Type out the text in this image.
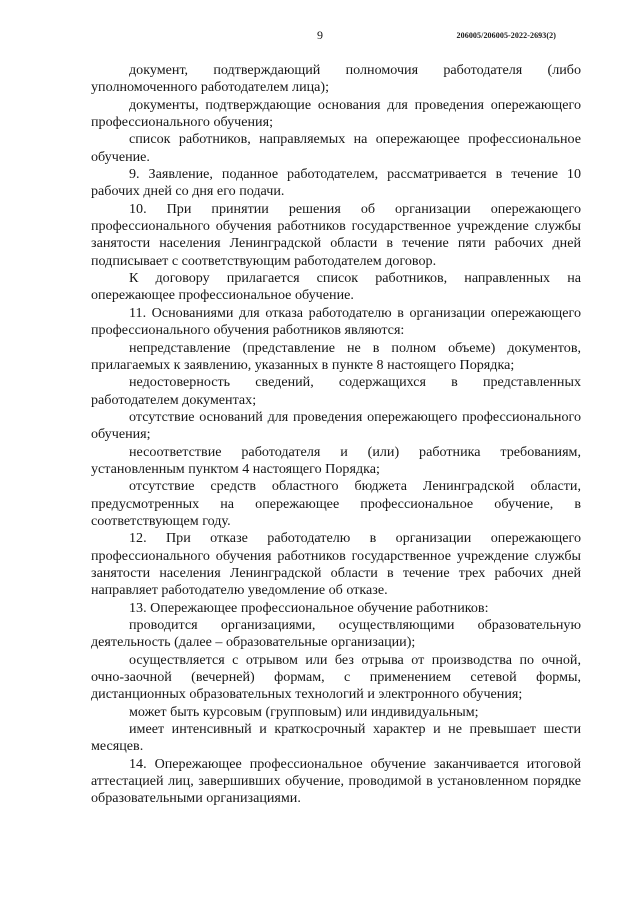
9	206005/206005-2022-2693(2)

документ, подтверждающий полномочия работодателя (либо уполномоченного работодателем лица);

документы, подтверждающие основания для проведения опережающего профессионального обучения;

список работников, направляемых на опережающее профессиональное обучение.

9. Заявление, поданное работодателем, рассматривается в течение 10 рабочих дней со дня его подачи.

10. При принятии решения об организации опережающего профессионального обучения работников государственное учреждение службы занятости населения Ленинградской области в течение пяти рабочих дней подписывает с соответствующим работодателем договор.

К договору прилагается список работников, направленных на опережающее профессиональное обучение.

11. Основаниями для отказа работодателю в организации опережающего профессионального обучения работников являются:

непредставление (представление не в полном объеме) документов, прилагаемых к заявлению, указанных в пункте 8 настоящего Порядка;

недостоверность сведений, содержащихся в представленных работодателем документах;

отсутствие оснований для проведения опережающего профессионального обучения;

несоответствие работодателя и (или) работника требованиям, установленным пунктом 4 настоящего Порядка;

отсутствие средств областного бюджета Ленинградской области, предусмотренных на опережающее профессиональное обучение, в соответствующем году.

12. При отказе работодателю в организации опережающего профессионального обучения работников государственное учреждение службы занятости населения Ленинградской области в течение трех рабочих дней направляет работодателю уведомление об отказе.

13. Опережающее профессиональное обучение работников:

проводится организациями, осуществляющими образовательную деятельность (далее – образовательные организации);

осуществляется с отрывом или без отрыва от производства по очной, очно-заочной (вечерней) формам, с применением сетевой формы, дистанционных образовательных технологий и электронного обучения;

может быть курсовым (групповым) или индивидуальным;

имеет интенсивный и краткосрочный характер и не превышает шести месяцев.

14. Опережающее профессиональное обучение заканчивается итоговой аттестацией лиц, завершивших обучение, проводимой в установленном порядке образовательными организациями.
